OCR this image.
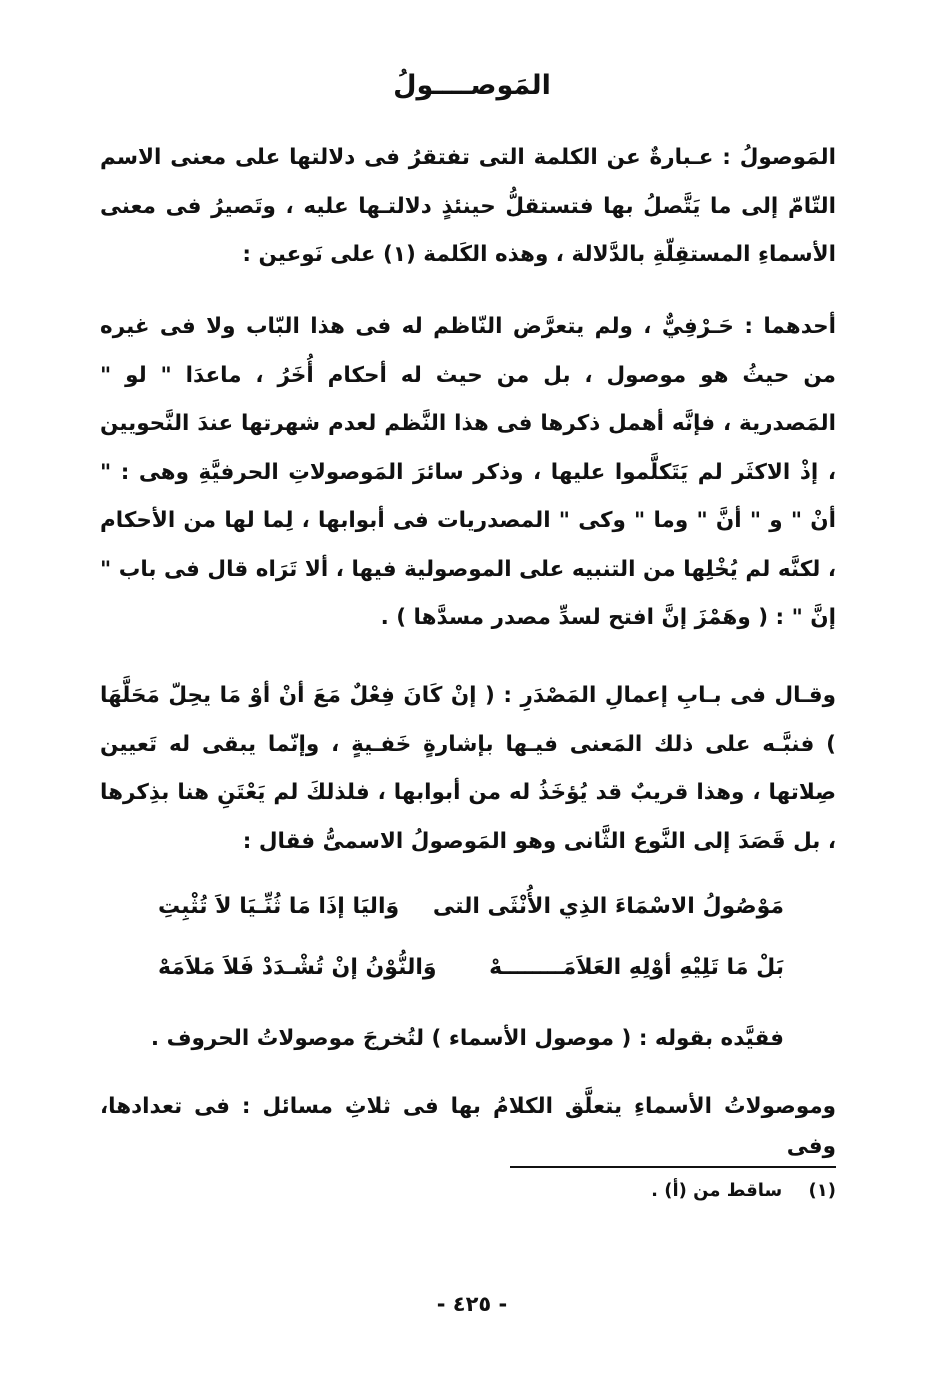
المَوصــــولُ

المَوصولُ : عـبارةٌ عن الكلمة التى تفتقرُ فى دلالتها على معنى الاسم التّامّ إلى ما يَتَّصلُ بها فتستقلُّ حينئذٍ دلالتـها عليه ، وتَصيرُ فى معنى الأسماءِ المستقِلّةِ بالدَّلالة ، وهذه الكَلمة (١) على نَوعين :

أحدهما : حَـرْفِيٌّ ، ولم يتعرَّض النّاظم له فى هذا البّاب ولا فى غيره من حيثُ هو موصول ، بل من حيث له أحكام أُخَرُ ، ماعدَا " لو " المَصدرية ، فإنَّه أهمل ذكرها فى هذا النَّظم لعدم شهرتها عندَ النَّحويين ، إذْ الاكثَر لم يَتَكلَّموا عليها ، وذكر سائرَ المَوصولاتِ الحرفيَّةِ وهى : " أنْ " و " أنَّ " وما " وكى " المصدريات فى أبوابها ، لِما لها من الأحكام ، لكنَّه لم يُخْلِها من التنبيه على الموصولية فيها ، ألا تَرَاه قال فى باب " إنَّ " : ( وهَمْزَ إنَّ افتح لسدِّ مصدر مسدَّها ) .

وقـال فى بـابِ إعمالِ المَصْدَرِ : ( إنْ كَانَ فِعْلٌ مَعَ أنْ أوْ مَا يحِلّ مَحَلَّهَا ) فنبَّـه على ذلك المَعنى فيـها بإشارةٍ خَفـيةٍ ، وإنّما يبقى له تَعيين صِلاتها ، وهذا قريبٌ قد يُؤخَذُ له من أبوابها ، فلذلكَ لم يَعْتَنِ هنا بذِكرها ، بل قَصَدَ إلى النَّوع الثَّانى وهو المَوصولُ الاسمىُّ فقال :

مَوْصُولُ الاسْمَاءَ الذِي الأُنْثَى التى
وَاليَا إذَا مَا ثُنِّـيَا لاَ تُثْبِتِ
بَلْ مَا تَلِيْهِ أوْلِهِ العَلاَمَــــــــهْ
وَالنُّوْنُ إنْ تُشْـدَدْ فَلاَ مَلاَمَهْ
فقيَّده بقوله : ( موصول الأسماء ) لتُخرجَ موصولاتُ الحروف .
وموصولاتُ الأسماءِ يتعلَّق الكلامُ بها فى ثلاثِ مسائل : فى تعدادها، وفى
(١) ساقط من (أ) .
- ٤٢٥ -
